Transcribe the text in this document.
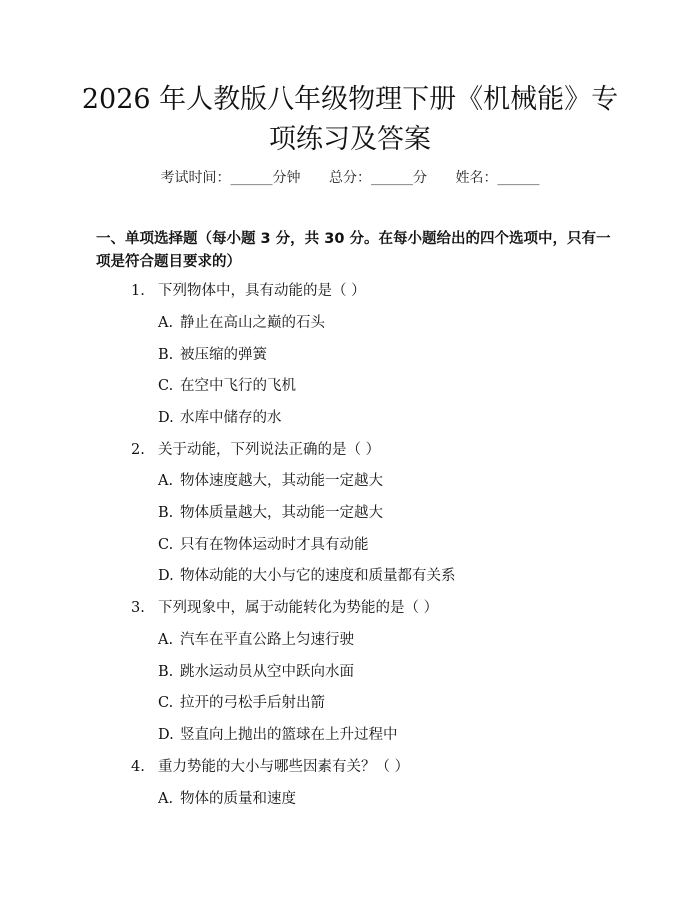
2026 年人教版八年级物理下册《机械能》专
项练习及答案
考试时间：______分钟 总分：______分 姓名：______
一、单项选择题（每小题 3 分，共 30 分。在每小题给出的四个选项中，只有一项是符合题目要求的）
1. 下列物体中，具有动能的是（ ）
A. 静止在高山之巅的石头
B. 被压缩的弹簧
C. 在空中飞行的飞机
D. 水库中储存的水
2. 关于动能，下列说法正确的是（ ）
A. 物体速度越大，其动能一定越大
B. 物体质量越大，其动能一定越大
C. 只有在物体运动时才具有动能
D. 物体动能的大小与它的速度和质量都有关系
3. 下列现象中，属于动能转化为势能的是（ ）
A. 汽车在平直公路上匀速行驶
B. 跳水运动员从空中跃向水面
C. 拉开的弓松手后射出箭
D. 竖直向上抛出的篮球在上升过程中
4. 重力势能的大小与哪些因素有关？（ ）
A. 物体的质量和速度
